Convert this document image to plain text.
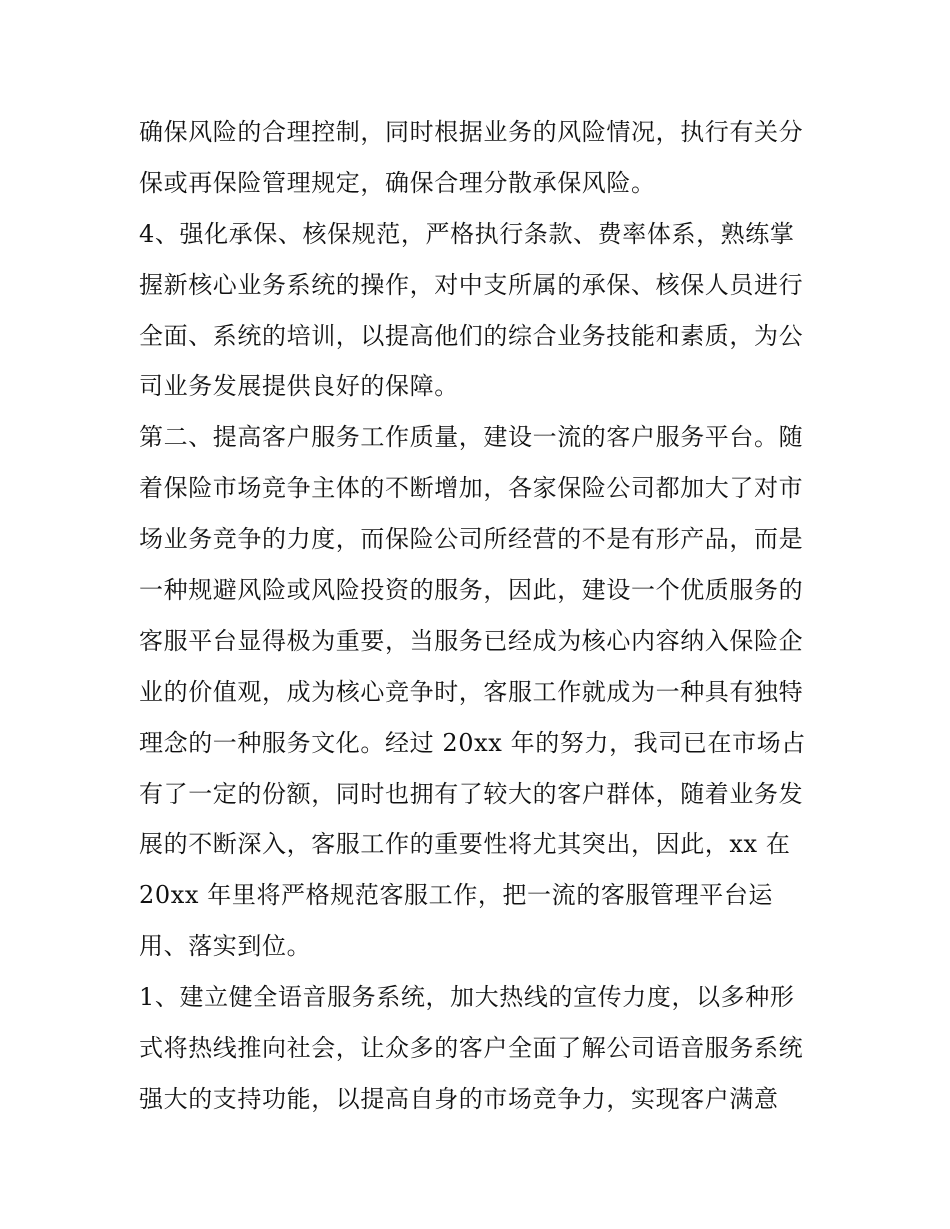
确保风险的合理控制，同时根据业务的风险情况，执行有关分
保或再保险管理规定，确保合理分散承保风险。
4、强化承保、核保规范，严格执行条款、费率体系，熟练掌
握新核心业务系统的操作，对中支所属的承保、核保人员进行
全面、系统的培训，以提高他们的综合业务技能和素质，为公
司业务发展提供良好的保障。
第二、提高客户服务工作质量，建设一流的客户服务平台。随
着保险市场竞争主体的不断增加，各家保险公司都加大了对市
场业务竞争的力度，而保险公司所经营的不是有形产品，而是
一种规避风险或风险投资的服务，因此，建设一个优质服务的
客服平台显得极为重要，当服务已经成为核心内容纳入保险企
业的价值观，成为核心竞争时，客服工作就成为一种具有独特
理念的一种服务文化。经过 20xx 年的努力，我司已在市场占
有了一定的份额，同时也拥有了较大的客户群体，随着业务发
展的不断深入，客服工作的重要性将尤其突出，因此，xx 在
20xx 年里将严格规范客服工作，把一流的客服管理平台运
用、落实到位。
1、建立健全语音服务系统，加大热线的宣传力度，以多种形
式将热线推向社会，让众多的客户全面了解公司语音服务系统
强大的支持功能，以提高自身的市场竞争力，实现客户满意
